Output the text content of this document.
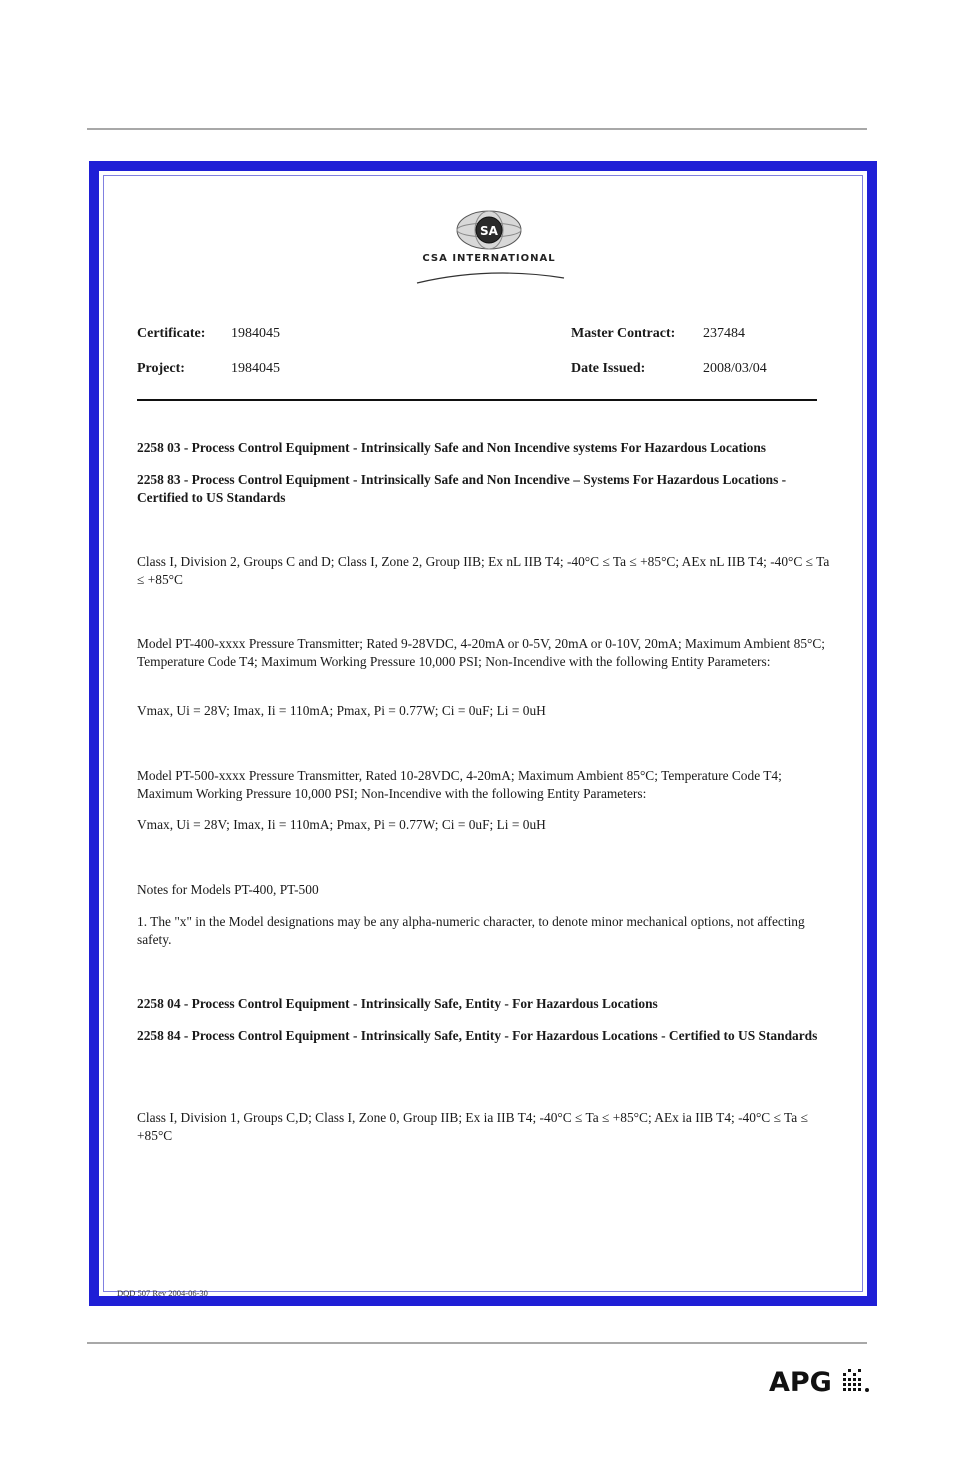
SA
CSA INTERNATIONAL
Certificate: 1984045
Project:	1984045
Master Contract: 237484
Date Issued:	2008/03/04
2258 03 - Process Control Equipment - Intrinsically Safe and Non Incendive systems For Hazardous Locations
2258 83 - Process Control Equipment - Intrinsically Safe and Non Incendive – Systems For Hazardous Locations - Certified to US Standards
Class I, Division 2, Groups C and D; Class I, Zone 2, Group IIB; Ex nL IIB T4; -40°C ≤ Ta ≤ +85°C; AEx nL IIB T4; -40°C ≤ Ta ≤ +85°C
Model PT-400-xxxx Pressure Transmitter; Rated 9-28VDC, 4-20mA or 0-5V, 20mA or 0-10V, 20mA; Maximum Ambient 85°C; Temperature Code T4; Maximum Working Pressure 10,000 PSI; Non-Incendive with the following Entity Parameters:
Vmax, Ui = 28V; Imax, Ii = 110mA; Pmax, Pi = 0.77W; Ci = 0uF; Li = 0uH
Model PT-500-xxxx Pressure Transmitter, Rated 10-28VDC, 4-20mA; Maximum Ambient 85°C; Temperature Code T4; Maximum Working Pressure 10,000 PSI; Non-Incendive with the following Entity Parameters:
Vmax, Ui = 28V; Imax, Ii = 110mA; Pmax, Pi = 0.77W; Ci = 0uF; Li = 0uH
Notes for Models PT-400, PT-500
1. The "x" in the Model designations may be any alpha-numeric character, to denote minor mechanical options, not affecting safety.
2258 04 - Process Control Equipment - Intrinsically Safe, Entity - For Hazardous Locations
2258 84 - Process Control Equipment - Intrinsically Safe, Entity - For Hazardous Locations - Certified to US Standards
Class I, Division 1, Groups C,D; Class I, Zone 0, Group IIB; Ex ia IIB T4; -40°C ≤ Ta ≤ +85°C; AEx ia IIB T4; -40°C ≤ Ta ≤ +85°C
DQD 507 Rev 2004-06-30
APG
